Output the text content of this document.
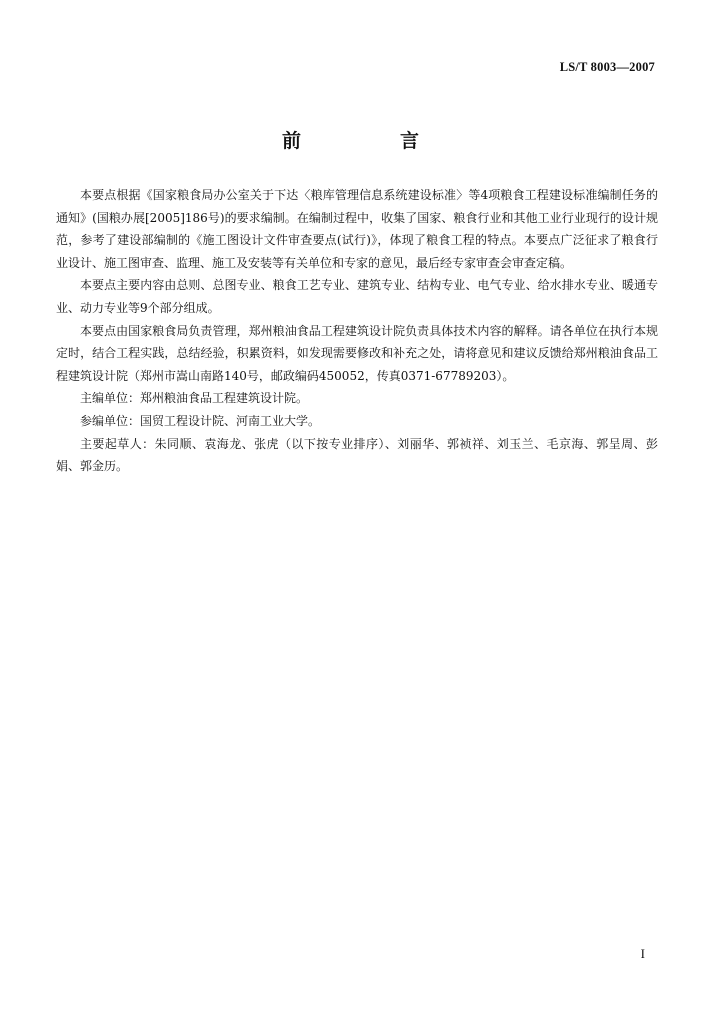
LS/T 8003—2007
前　言

本要点根据《国家粮食局办公室关于下达〈粮库管理信息系统建设标准〉等4项粮食工程建设标准编制任务的通知》(国粮办展[2005]186号)的要求编制。在编制过程中，收集了国家、粮食行业和其他工业行业现行的设计规范，参考了建设部编制的《施工图设计文件审查要点(试行)》，体现了粮食工程的特点。本要点广泛征求了粮食行业设计、施工图审查、监理、施工及安装等有关单位和专家的意见，最后经专家审查会审查定稿。

本要点主要内容由总则、总图专业、粮食工艺专业、建筑专业、结构专业、电气专业、给水排水专业、暖通专业、动力专业等9个部分组成。

本要点由国家粮食局负责管理，郑州粮油食品工程建筑设计院负责具体技术内容的解释。请各单位在执行本规定时，结合工程实践，总结经验，积累资料，如发现需要修改和补充之处，请将意见和建议反馈给郑州粮油食品工程建筑设计院（郑州市嵩山南路140号，邮政编码450052，传真0371-67789203）。

主编单位：郑州粮油食品工程建筑设计院。

参编单位：国贸工程设计院、河南工业大学。

主要起草人：朱同顺、袁海龙、张虎（以下按专业排序）、刘丽华、郭祯祥、刘玉兰、毛京海、郭呈周、彭娟、郭金历。

I
